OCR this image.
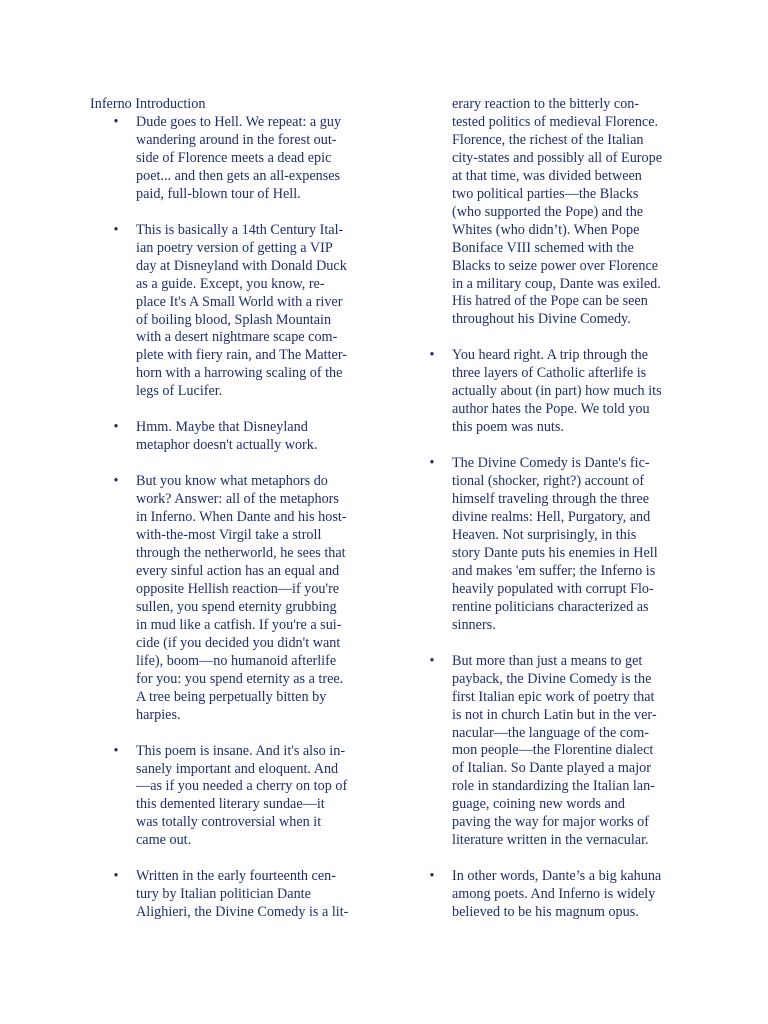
Inferno Introduction

• Dude goes to Hell. We repeat: a guy
wandering around in the forest out-
side of Florence meets a dead epic
poet... and then gets an all-expenses
paid, full-blown tour of Hell.
• This is basically a 14th Century Ital-
ian poetry version of getting a VIP
day at Disneyland with Donald Duck
as a guide. Except, you know, re-
place It's A Small World with a river
of boiling blood, Splash Mountain
with a desert nightmare scape com-
plete with fiery rain, and The Matter-
horn with a harrowing scaling of the
legs of Lucifer.
• Hmm. Maybe that Disneyland
metaphor doesn't actually work.
• But you know what metaphors do
work? Answer: all of the metaphors
in Inferno. When Dante and his host-
with-the-most Virgil take a stroll
through the netherworld, he sees that
every sinful action has an equal and
opposite Hellish reaction—if you're
sullen, you spend eternity grubbing
in mud like a catfish. If you're a sui-
cide (if you decided you didn't want
life), boom—no humanoid afterlife
for you: you spend eternity as a tree.
A tree being perpetually bitten by
harpies.
• This poem is insane. And it's also in-
sanely important and eloquent. And
—as if you needed a cherry on top of
this demented literary sundae—it
was totally controversial when it
came out.
• Written in the early fourteenth cen-
tury by Italian politician Dante
Alighieri, the Divine Comedy is a lit-
erary reaction to the bitterly con-
tested politics of medieval Florence.
Florence, the richest of the Italian
city-states and possibly all of Europe
at that time, was divided between
two political parties—the Blacks
(who supported the Pope) and the
Whites (who didn’t). When Pope
Boniface VIII schemed with the
Blacks to seize power over Florence
in a military coup, Dante was exiled.
His hatred of the Pope can be seen
throughout his Divine Comedy.
• You heard right. A trip through the
three layers of Catholic afterlife is
actually about (in part) how much its
author hates the Pope. We told you
this poem was nuts.
• The Divine Comedy is Dante's fic-
tional (shocker, right?) account of
himself traveling through the three
divine realms: Hell, Purgatory, and
Heaven. Not surprisingly, in this
story Dante puts his enemies in Hell
and makes 'em suffer; the Inferno is
heavily populated with corrupt Flo-
rentine politicians characterized as
sinners.
• But more than just a means to get
payback, the Divine Comedy is the
first Italian epic work of poetry that
is not in church Latin but in the ver-
nacular—the language of the com-
mon people—the Florentine dialect
of Italian. So Dante played a major
role in standardizing the Italian lan-
guage, coining new words and
paving the way for major works of
literature written in the vernacular.
• In other words, Dante’s a big kahuna
among poets. And Inferno is widely
believed to be his magnum opus.
